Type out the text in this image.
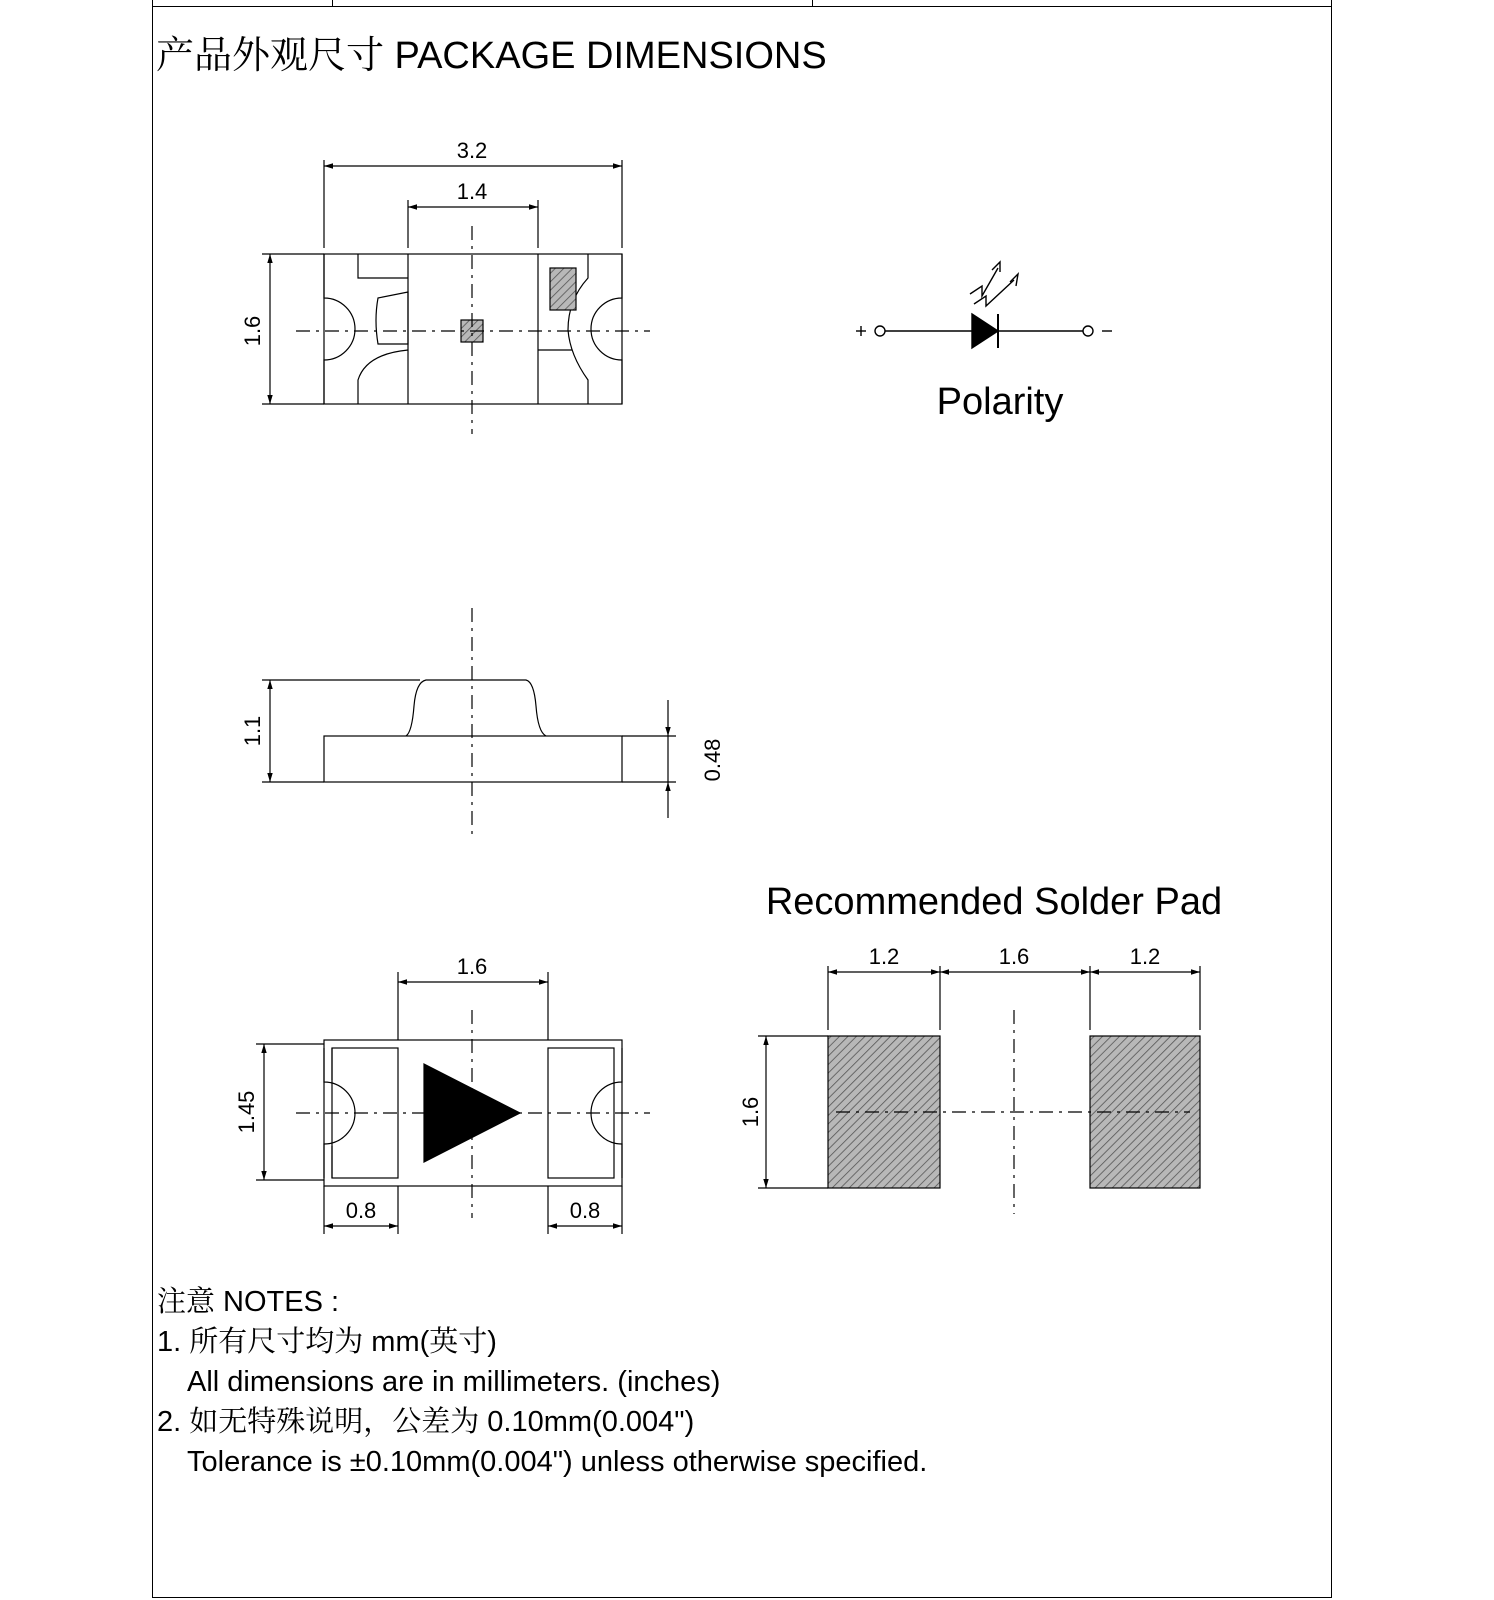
产品外观尺寸 PACKAGE DIMENSIONS
3.2
1.4
1.6
Polarity
1.1
0.48
1.6
1.45
0.8	0.8
Recommended Solder Pad
1.2	1.6	1.2
1.6
注意 NOTES :
1. 所有尺寸均为 mm(英寸)
All dimensions are in millimeters. (inches)
2. 如无特殊说明，公差为 0.10mm(0.004")
Tolerance is ±0.10mm(0.004") unless otherwise specified.
